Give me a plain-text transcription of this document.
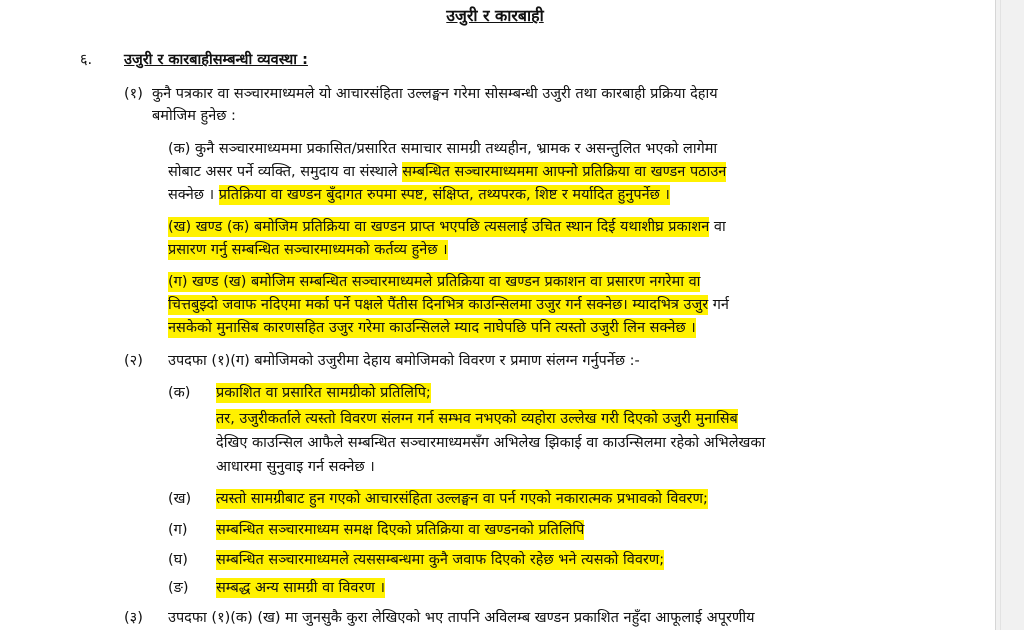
उजुरी र कारबाही
६. उजुरी र कारबाहीसम्बन्धी व्यवस्था :
(१) कुनै पत्रकार वा सञ्चारमाध्यमले यो आचारसंहिता उल्लङ्घन गरेमा सोसम्बन्धी उजुरी तथा कारबाही प्रक्रिया देहाय
बमोजिम हुनेछ :
(क) कुनै सञ्चारमाध्यममा प्रकासित/प्रसारित समाचार सामग्री तथ्यहीन, भ्रामक र असन्तुलित भएको लागेमा
सोबाट असर पर्ने व्यक्ति, समुदाय वा संस्थाले सम्बन्धित सञ्चारमाध्यममा आफ्नो प्रतिक्रिया वा खण्डन पठाउन
सक्नेछ । प्रतिक्रिया वा खण्डन बुँदागत रुपमा स्पष्ट, संक्षिप्त, तथ्यपरक, शिष्ट र मर्यादित हुनुपर्नेछ ।
(ख) खण्ड (क) बमोजिम प्रतिक्रिया वा खण्डन प्राप्त भएपछि त्यसलाई उचित स्थान दिई यथाशीघ्र प्रकाशन वा
प्रसारण गर्नु सम्बन्धित सञ्चारमाध्यमको कर्तव्य हुनेछ ।
(ग) खण्ड (ख) बमोजिम सम्बन्धित सञ्चारमाध्यमले प्रतिक्रिया वा खण्डन प्रकाशन वा प्रसारण नगरेमा वा
चित्तबुझ्दो जवाफ नदिएमा मर्का पर्ने पक्षले पैंतीस दिनभित्र काउन्सिलमा उजुर गर्न सक्नेछ। म्यादभित्र उजुर गर्न
नसकेको मुनासिब कारणसहित उजुर गरेमा काउन्सिलले म्याद नाघेपछि पनि त्यस्तो उजुरी लिन सक्नेछ ।
(२) उपदफा (१)(ग) बमोजिमको उजुरीमा देहाय बमोजिमको विवरण र प्रमाण संलग्न गर्नुपर्नेछ :-
(क) प्रकाशित वा प्रसारित सामग्रीको प्रतिलिपि;
तर, उजुरीकर्ताले त्यस्तो विवरण संलग्न गर्न सम्भव नभएको व्यहोरा उल्लेख गरी दिएको उजुरी मुनासिब
देखिए काउन्सिल आफैले सम्बन्धित सञ्चारमाध्यमसँग अभिलेख झिकाई वा काउन्सिलमा रहेको अभिलेखका
आधारमा सुनुवाइ गर्न सक्नेछ ।
(ख) त्यस्तो सामग्रीबाट हुन गएको आचारसंहिता उल्लङ्घन वा पर्न गएको नकारात्मक प्रभावको विवरण;
(ग) सम्बन्धित सञ्चारमाध्यम समक्ष दिएको प्रतिक्रिया वा खण्डनको प्रतिलिपि
(घ) सम्बन्धित सञ्चारमाध्यमले त्यससम्बन्धमा कुनै जवाफ दिएको रहेछ भने त्यसको विवरण;
(ङ) सम्बद्ध अन्य सामग्री वा विवरण ।
(३) उपदफा (१)(क) (ख) मा जुनसुकै कुरा लेखिएको भए तापनि अविलम्ब खण्डन प्रकाशित नहुँदा आफूलाई अपूरणीय
